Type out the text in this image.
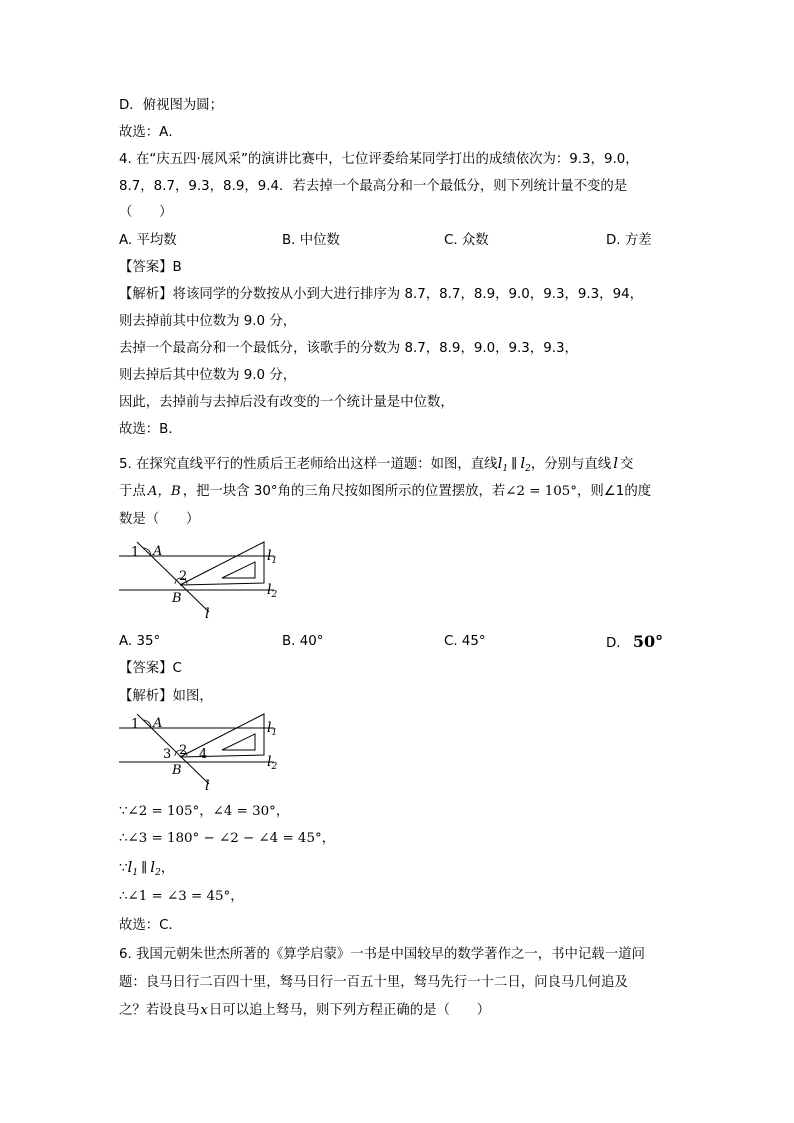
D．俯视图为圆；
故选：A．
4. 在“庆五四·展风采”的演讲比赛中，七位评委给某同学打出的成绩依次为：9.3，9.0，
8.7，8.7，9.3，8.9，9.4．若去掉一个最高分和一个最低分，则下列统计量不变的是
（　　）
A. 平均数	B. 中位数	C. 众数	D. 方差
【答案】B
【解析】将该同学的分数按从小到大进行排序为 8.7，8.7，8.9，9.0，9.3，9.3，94，
则去掉前其中位数为 9.0 分，
去掉一个最高分和一个最低分，该歌手的分数为 8.7，8.9，9.0，9.3，9.3，
则去掉后其中位数为 9.0 分，
因此，去掉前与去掉后没有改变的一个统计量是中位数，
故选：B．
5. 在探究直线平行的性质后王老师给出这样一道题：如图，直线$l_1$ ∥ $l_2$，分别与直线 l 交
于点 A，B ，把一块含 30°角的三角尺按如图所示的位置摆放，若∠2 = 105°，则∠1的度
数是（　　）
1 A
2
B
l
$l_1$
$l_2$
A. 35°	B. 40°	C. 45°	D. 50°
【答案】C
【解析】如图，
1 A
3 2 4
B
l
$l_1$
$l_2$
∵∠2 = 105°，∠4 = 30°，
∴∠3 = 180° − ∠2 − ∠4 = 45°，
$\because l_1$ ∥ $l_2$，
∴∠1 = ∠3 = 45°，
故选：C．
6. 我国元朝朱世杰所著的《算学启蒙》一书是中国较早的数学著作之一，书中记载一道问
题：良马日行二百四十里，驽马日行一百五十里，驽马先行一十二日，问良马几何追及
之？若设良马x日可以追上驽马，则下列方程正确的是（　　）
